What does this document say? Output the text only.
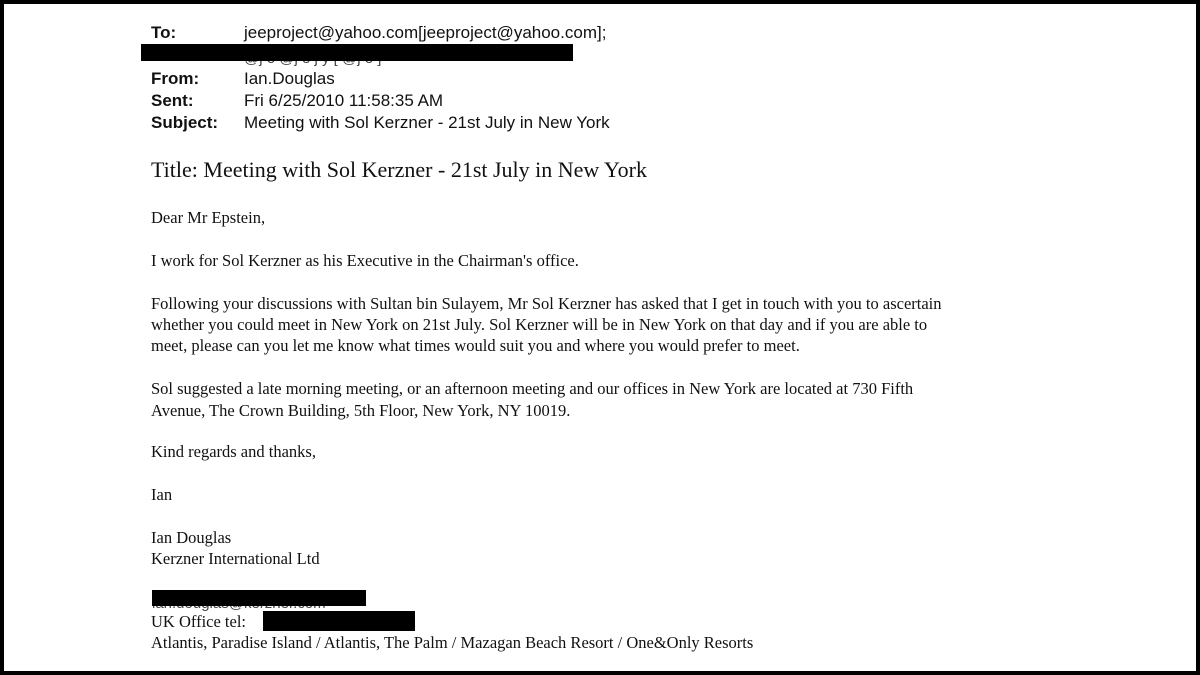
To:	jeeproject@yahoo.com[jeeproject@yahoo.com];
From:	Ian.Douglas
Sent:	Fri 6/25/2010 11:58:35 AM
Subject: Meeting with Sol Kerzner - 21st July in New York
Title: Meeting with Sol Kerzner - 21st July in New York
Dear Mr Epstein,
I work for Sol Kerzner as his Executive in the Chairman's office.
Following your discussions with Sultan bin Sulayem, Mr Sol Kerzner has asked that I get in touch with you to ascertain
whether you could meet in New York on 21st July. Sol Kerzner will be in New York on that day and if you are able to
meet, please can you let me know what times would suit you and where you would prefer to meet.
Sol suggested a late morning meeting, or an afternoon meeting and our offices in New York are located at 730 Fifth
Avenue, The Crown Building, 5th Floor, New York, NY 10019.
Kind regards and thanks,
Ian
Ian Douglas
Kerzner International Ltd
UK Office tel:
Atlantis, Paradise Island / Atlantis, The Palm / Mazagan Beach Resort / One&Only Resorts
